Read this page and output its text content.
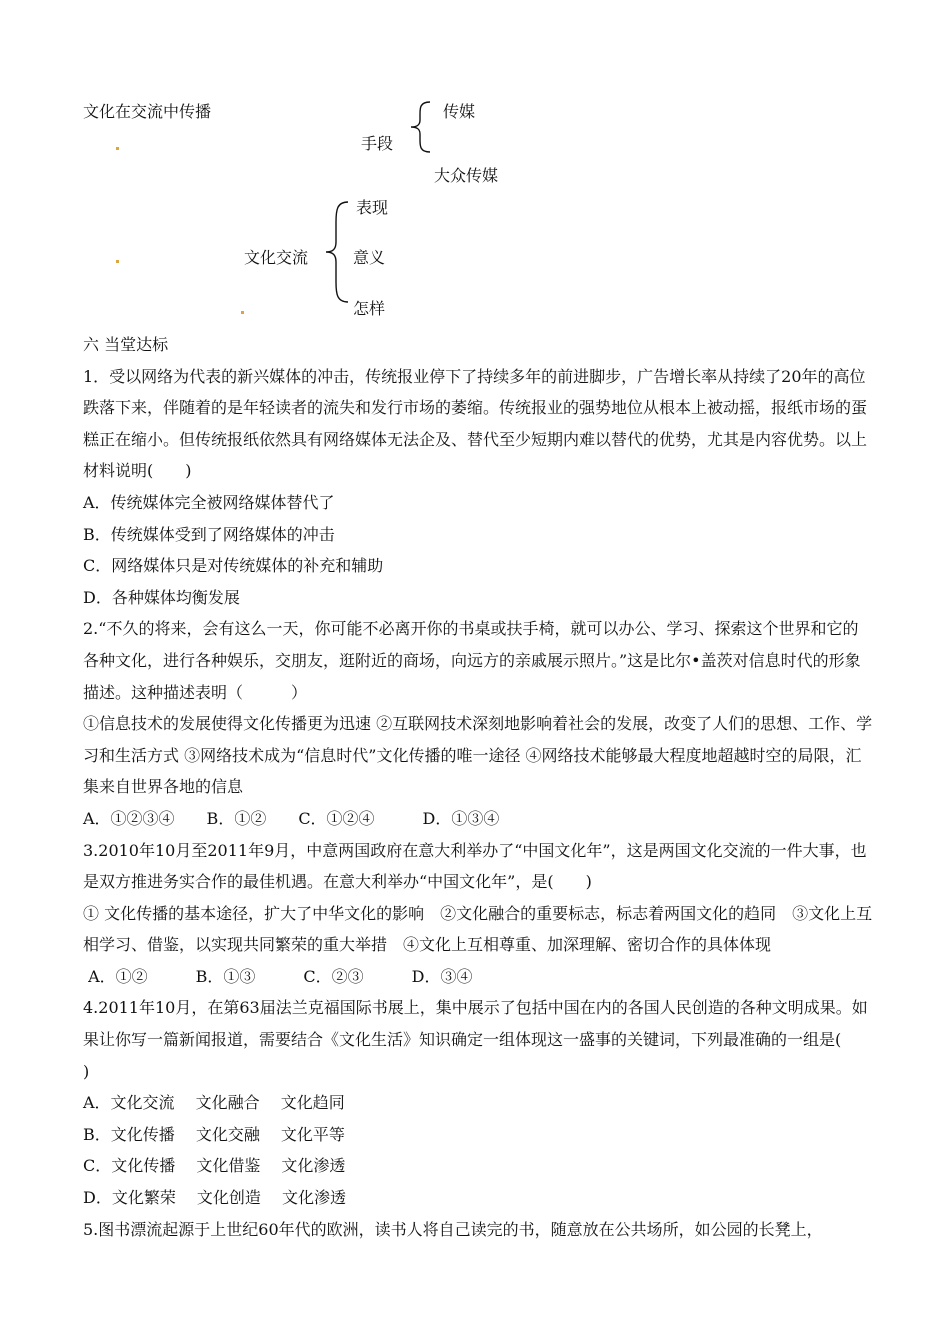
文化在交流中传播
手段
传媒
大众传媒
文化交流
表现
意义
怎样

六 当堂达标

1．受以网络为代表的新兴媒体的冲击，传统报业停下了持续多年的前进脚步，广告增长率从持续了20年的高位跌落下来，伴随着的是年轻读者的流失和发行市场的萎缩。传统报业的强势地位从根本上被动摇，报纸市场的蛋糕正在缩小。但传统报纸依然具有网络媒体无法企及、替代至少短期内难以替代的优势，尤其是内容优势。以上材料说明(　　)

A．传统媒体完全被网络媒体替代了

B．传统媒体受到了网络媒体的冲击

C．网络媒体只是对传统媒体的补充和辅助

D．各种媒体均衡发展

2.“不久的将来，会有这么一天，你可能不必离开你的书桌或扶手椅，就可以办公、学习、探索这个世界和它的各种文化，进行各种娱乐，交朋友，逛附近的商场，向远方的亲戚展示照片。”这是比尔•盖茨对信息时代的形象描述。这种描述表明（　　　）

①信息技术的发展使得文化传播更为迅速 ②互联网技术深刻地影响着社会的发展，改变了人们的思想、工作、学习和生活方式 ③网络技术成为“信息时代”文化传播的唯一途径 ④网络技术能够最大程度地超越时空的局限，汇集来自世界各地的信息

A．①②③④　　B．①②　　C．①②④　　　D．①③④

3.2010年10月至2011年9月，中意两国政府在意大利举办了“中国文化年”，这是两国文化交流的一件大事，也是双方推进务实合作的最佳机遇。在意大利举办“中国文化年”，是(　　)

① 文化传播的基本途径，扩大了中华文化的影响　②文化融合的重要标志，标志着两国文化的趋同　③文化上互相学习、借鉴，以实现共同繁荣的重大举措　④文化上互相尊重、加深理解、密切合作的具体体现

A．①②　　　B．①③　　　C．②③　　　D．③④

4.2011年10月，在第63届法兰克福国际书展上，集中展示了包括中国在内的各国人民创造的各种文明成果。如果让你写一篇新闻报道，需要结合《文化生活》知识确定一组体现这一盛事的关键词，下列最准确的一组是(　　)

A．文化交流　 文化融合　 文化趋同

B．文化传播　 文化交融　 文化平等

C．文化传播　 文化借鉴　 文化渗透

D．文化繁荣　 文化创造　 文化渗透

5.图书漂流起源于上世纪60年代的欧洲，读书人将自己读完的书，随意放在公共场所，如公园的长凳上，
